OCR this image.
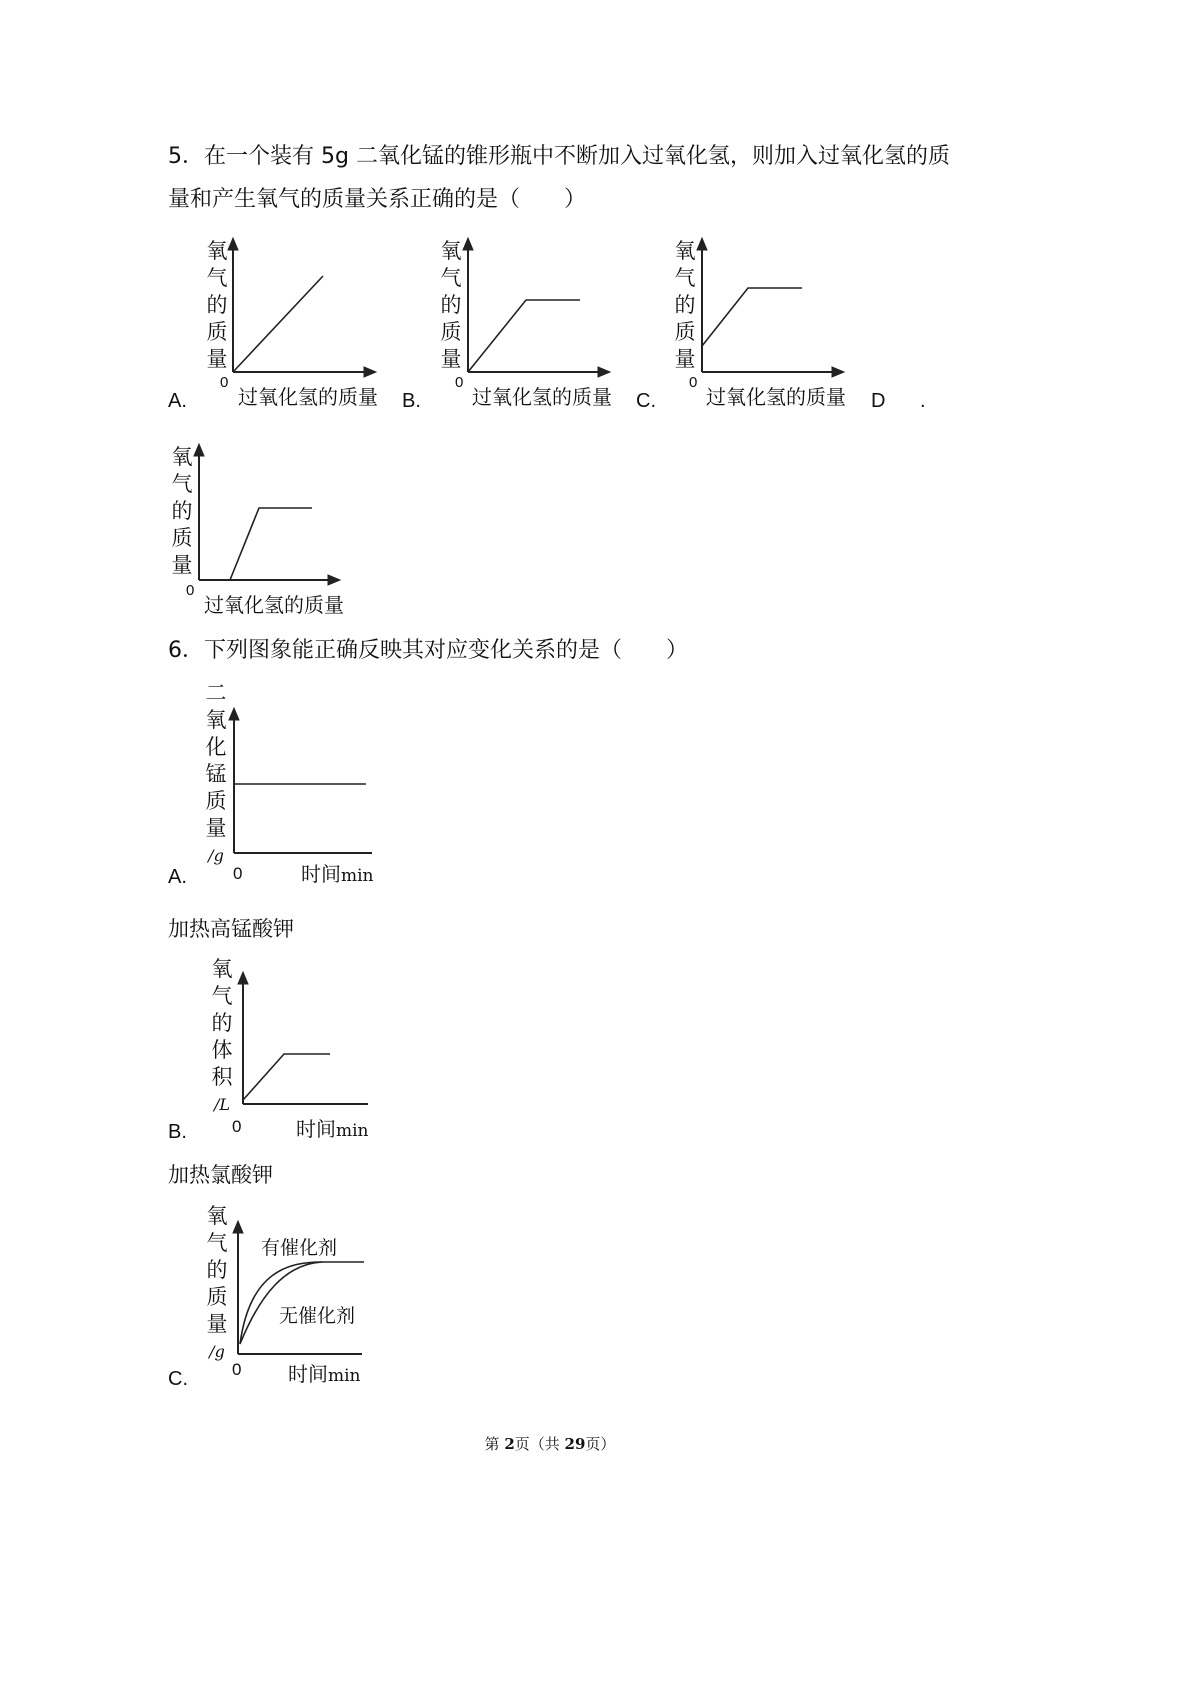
5．在一个装有 5g 二氧化锰的锥形瓶中不断加入过氧化氢，则加入过氧化氢的质
量和产生氧气的质量关系正确的是（　　）
氧
气
的
质
量
0
过氧化氢的质量
A.
氧
气
的
质
量
0
过氧化氢的质量
B.
氧
气
的
质
量
0
过氧化氢的质量
C.	D .
氧
气
的
质
量
0
过氧化氢的质量
6．下列图象能正确反映其对应变化关系的是（　　）
二
氧
化
锰
质
量
/g
0	时间min
A.
加热高锰酸钾
氧
气
的
体
积
/L
0	时间min
B.
加热氯酸钾
氧
气
的
质
量
/g
有催化剂
无催化剂
0 时间min
C.
第 2页（共 29页）
